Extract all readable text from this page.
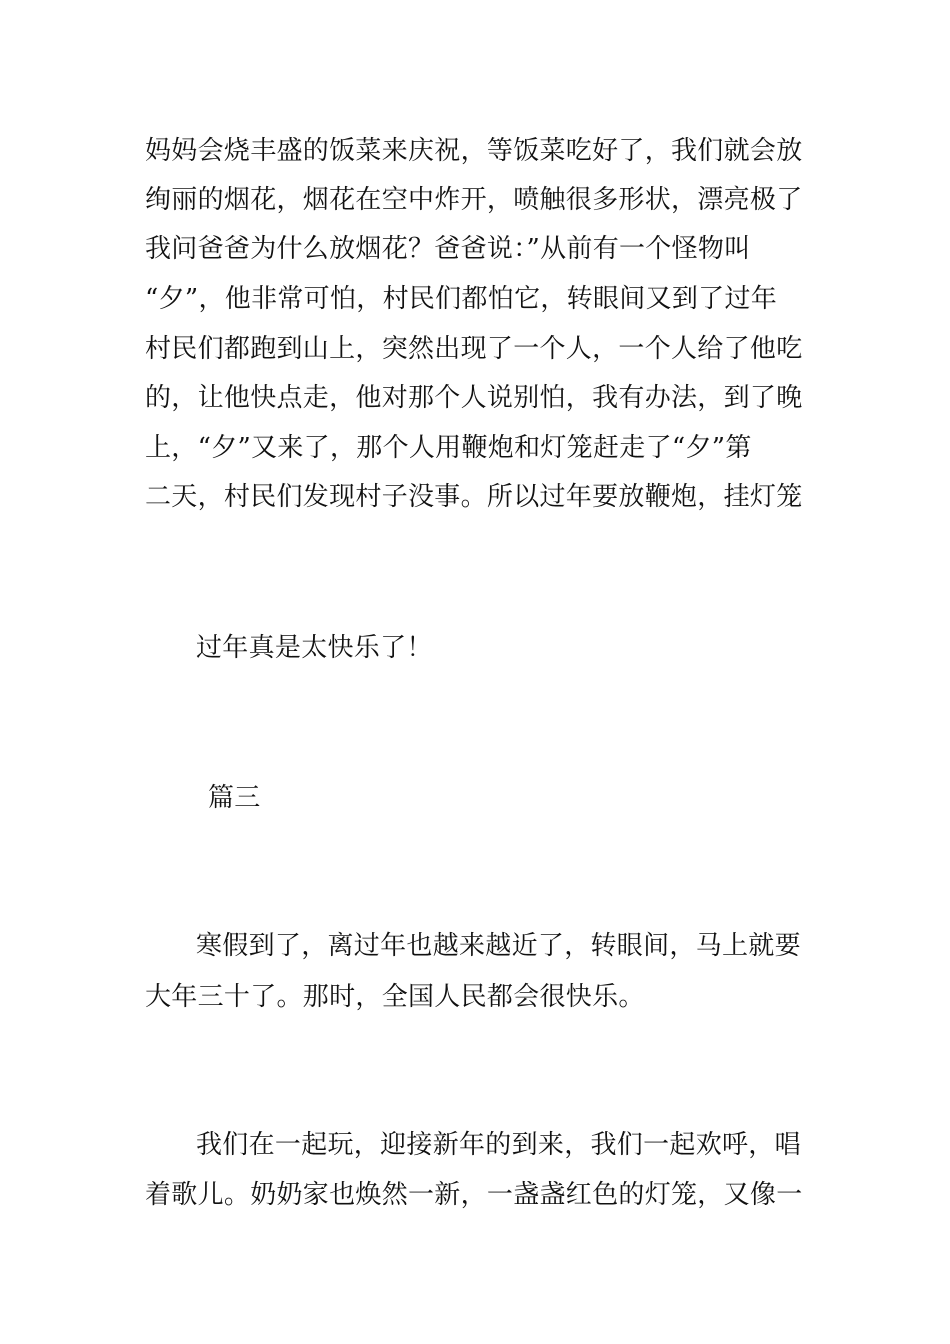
妈妈会烧丰盛的饭菜来庆祝，等饭菜吃好了，我们就会放
绚丽的烟花，烟花在空中炸开，喷触很多形状，漂亮极了
我问爸爸为什么放烟花？爸爸说：”从前有一个怪物叫
“夕”，他非常可怕，村民们都怕它，转眼间又到了过年
村民们都跑到山上，突然出现了一个人，一个人给了他吃
的，让他快点走，他对那个人说别怕，我有办法，到了晚
上，“夕”又来了，那个人用鞭炮和灯笼赶走了“夕”第
二天，村民们发现村子没事。所以过年要放鞭炮，挂灯笼
过年真是太快乐了！
篇三
寒假到了，离过年也越来越近了，转眼间，马上就要
大年三十了。那时，全国人民都会很快乐。
我们在一起玩，迎接新年的到来，我们一起欢呼，唱
着歌儿。奶奶家也焕然一新，一盏盏红色的灯笼，又像一
